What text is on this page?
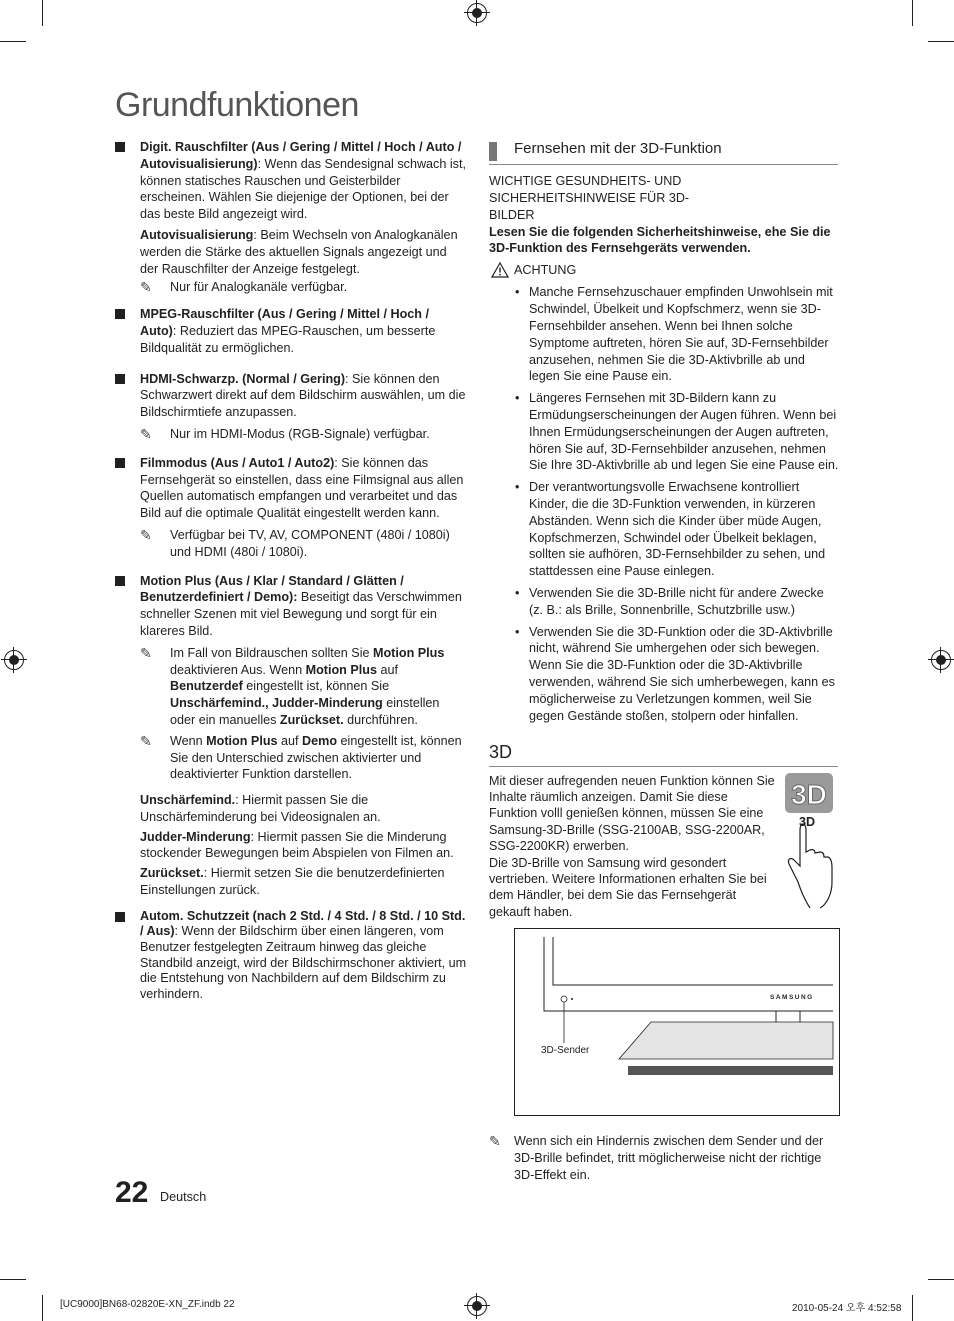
Grundfunktionen

Digit. Rauschfilter (Aus / Gering / Mittel / Hoch / Auto / Autovisualisierung): Wenn das Sendesignal schwach ist, können statisches Rauschen und Geisterbilder erscheinen. Wählen Sie diejenige der Optionen, bei der das beste Bild angezeigt wird.

Autovisualisierung: Beim Wechseln von Analogkanälen werden die Stärke des aktuellen Signals angezeigt und der Rauschfilter der Anzeige festgelegt.

✎ Nur für Analogkanäle verfügbar.

MPEG-Rauschfilter (Aus / Gering / Mittel / Hoch / Auto): Reduziert das MPEG-Rauschen, um besserte Bildqualität zu ermöglichen.

HDMI-Schwarzp. (Normal / Gering): Sie können den Schwarzwert direkt auf dem Bildschirm auswählen, um die Bildschirmtiefe anzupassen.

✎ Nur im HDMI-Modus (RGB-Signale) verfügbar.

Filmmodus (Aus / Auto1 / Auto2): Sie können das Fernsehgerät so einstellen, dass eine Filmsignal aus allen Quellen automatisch empfangen und verarbeitet und das Bild auf die optimale Qualität eingestellt werden kann.

✎ Verfügbar bei TV, AV, COMPONENT (480i / 1080i) und HDMI (480i / 1080i).

Motion Plus (Aus / Klar / Standard / Glätten / Benutzerdefiniert / Demo): Beseitigt das Verschwimmen schneller Szenen mit viel Bewegung und sorgt für ein klareres Bild.

✎ Im Fall von Bildrauschen sollten Sie Motion Plus deaktivieren Aus. Wenn Motion Plus auf Benutzerdef eingestellt ist, können Sie Unschärfemind., Judder-Minderung einstellen oder ein manuelles Zurückset. durchführen.
✎ Wenn Motion Plus auf Demo eingestellt ist, können Sie den Unterschied zwischen aktivierter und deaktivierter Funktion darstellen.

Unschärfemind.: Hiermit passen Sie die Unschärfeminderung bei Videosignalen an.

Judder-Minderung: Hiermit passen Sie die Minderung stockender Bewegungen beim Abspielen von Filmen an.

Zurückset.: Hiermit setzen Sie die benutzerdefinierten Einstellungen zurück.

Autom. Schutzzeit (nach 2 Std. / 4 Std. / 8 Std. / 10 Std. / Aus): Wenn der Bildschirm über einen längeren, vom Benutzer festgelegten Zeitraum hinweg das gleiche Standbild anzeigt, wird der Bildschirmschoner aktiviert, um die Entstehung von Nachbildern auf dem Bildschirm zu verhindern.

Fernsehen mit der 3D-Funktion

WICHTIGE GESUNDHEITS- UND SICHERHEITSHINWEISE FÜR 3D-BILDER

Lesen Sie die folgenden Sicherheitshinweise, ehe Sie die 3D-Funktion des Fernsehgeräts verwenden.

ACHTUNG
• Manche Fernsehzuschauer empfinden Unwohlsein mit Schwindel, Übelkeit und Kopfschmerz, wenn sie 3D-Fernsehbilder ansehen. Wenn bei Ihnen solche Symptome auftreten, hören Sie auf, 3D-Fernsehbilder anzusehen, nehmen Sie die 3D-Aktivbrille ab und legen Sie eine Pause ein.
• Längeres Fernsehen mit 3D-Bildern kann zu Ermüdungserscheinungen der Augen führen. Wenn bei Ihnen Ermüdungserscheinungen der Augen auftreten, hören Sie auf, 3D-Fernsehbilder anzusehen, nehmen Sie Ihre 3D-Aktivbrille ab und legen Sie eine Pause ein.
• Der verantwortungsvolle Erwachsene kontrolliert Kinder, die die 3D-Funktion verwenden, in kürzeren Abständen. Wenn sich die Kinder über müde Augen, Kopfschmerzen, Schwindel oder Übelkeit beklagen, sollten sie aufhören, 3D-Fernsehbilder zu sehen, und stattdessen eine Pause einlegen.
• Verwenden Sie die 3D-Brille nicht für andere Zwecke (z. B.: als Brille, Sonnenbrille, Schutzbrille usw.)
• Verwenden Sie die 3D-Funktion oder die 3D-Aktivbrille nicht, während Sie umhergehen oder sich bewegen. Wenn Sie die 3D-Funktion oder die 3D-Aktivbrille verwenden, während Sie sich umherbewegen, kann es möglicherweise zu Verletzungen kommen, weil Sie gegen Gestände stoßen, stolpern oder hinfallen.
3D

Mit dieser aufregenden neuen Funktion können Sie Inhalte räumlich anzeigen. Damit Sie diese Funktion volll genießen können, müssen Sie eine Samsung-3D-Brille (SSG-2100AB, SSG-2200AR, SSG-2200KR) erwerben.

Die 3D-Brille von Samsung wird gesondert vertrieben. Weitere Informationen erhalten Sie bei dem Händler, bei dem Sie das Fernsehgerät gekauft haben.

3D
3D
SAMSUNG
3D-Sender
✎ Wenn sich ein Hindernis zwischen dem Sender und der 3D-Brille befindet, tritt möglicherweise nicht der richtige 3D-Effekt ein.
22 Deutsch
[UC9000]BN68-02820E-XN_ZF.indb 22	2010-05-24 오후 4:52:58
